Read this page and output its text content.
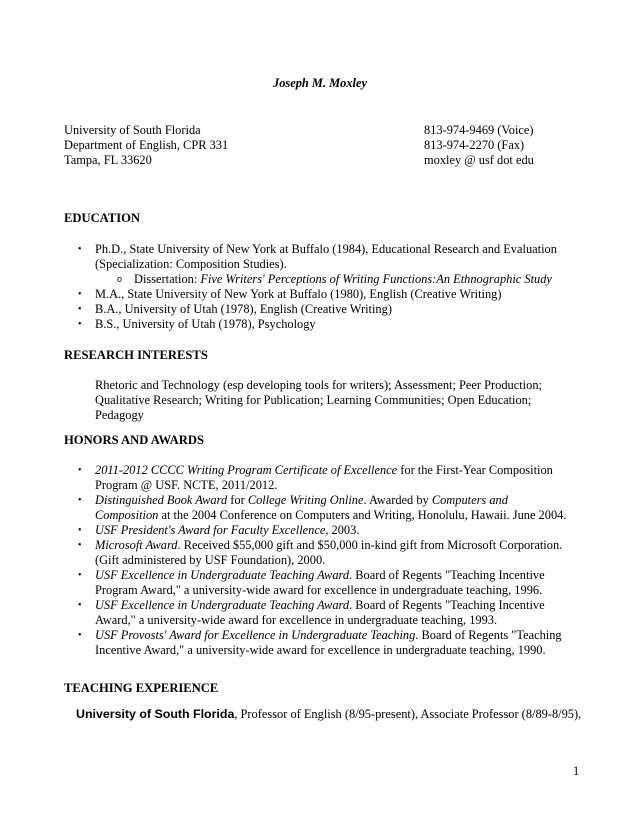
Joseph M. Moxley
University of South Florida
Department of English, CPR 331
Tampa, FL 33620
813-974-9469 (Voice)
813-974-2270 (Fax)
moxley @ usf dot edu
EDUCATION
• Ph.D., State University of New York at Buffalo (1984), Educational Research and Evaluation
(Specialization: Composition Studies).
o Dissertation: Five Writers' Perceptions of Writing Functions:An Ethnographic Study
• M.A., State University of New York at Buffalo (1980), English (Creative Writing)
• B.A., University of Utah (1978), English (Creative Writing)
• B.S., University of Utah (1978), Psychology
RESEARCH INTERESTS
Rhetoric and Technology (esp developing tools for writers); Assessment; Peer Production;
Qualitative Research; Writing for Publication; Learning Communities; Open Education;
Pedagogy
HONORS AND AWARDS
• 2011-2012 CCCC Writing Program Certificate of Excellence for the First-Year Composition
Program @ USF. NCTE, 2011/2012.
• Distinguished Book Award for College Writing Online. Awarded by Computers and
Composition at the 2004 Conference on Computers and Writing, Honolulu, Hawaii. June 2004.
• USF President's Award for Faculty Excellence, 2003.
• Microsoft Award. Received $55,000 gift and $50,000 in-kind gift from Microsoft Corporation.
(Gift administered by USF Foundation), 2000.
• USF Excellence in Undergraduate Teaching Award. Board of Regents "Teaching Incentive
Program Award," a university-wide award for excellence in undergraduate teaching, 1996.
• USF Excellence in Undergraduate Teaching Award. Board of Regents "Teaching Incentive
Award," a university-wide award for excellence in undergraduate teaching, 1993.
• USF Provosts' Award for Excellence in Undergraduate Teaching. Board of Regents "Teaching
Incentive Award," a university-wide award for excellence in undergraduate teaching, 1990.
TEACHING EXPERIENCE
University of South Florida, Professor of English (8/95-present), Associate Professor (8/89-8/95),
1
